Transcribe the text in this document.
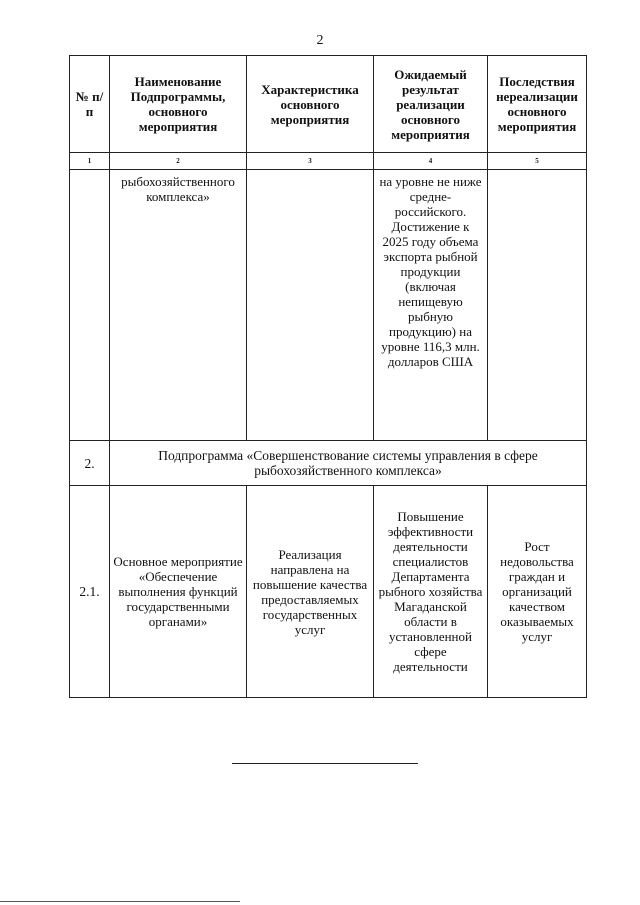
2
№ п/п	Наименование Подпрограммы, основного мероприятия	Характеристика основного мероприятия	Ожидаемый результат реализации основного мероприятия	Последствия нереализации основного мероприятия
1	2	3	4	5
	рыбохозяйственного комплекса»		на уровне не ниже средне-российского. Достижение к 2025 году объема экспорта рыбной продукции (включая непищевую рыбную продукцию) на уровне 116,3 млн. долларов США	
2.	Подпрограмма «Совершенствование системы управления в сфере рыбохозяйственного комплекса»			
2.1.	Основное мероприятие «Обеспечение выполнения функций государственными органами»	Реализация направлена на повышение качества предоставляемых государственных услуг	Повышение эффективности деятельности специалистов Департамента рыбного хозяйства Магаданской области в установленной сфере деятельности	Рост недовольства граждан и организаций качеством оказываемых услуг
